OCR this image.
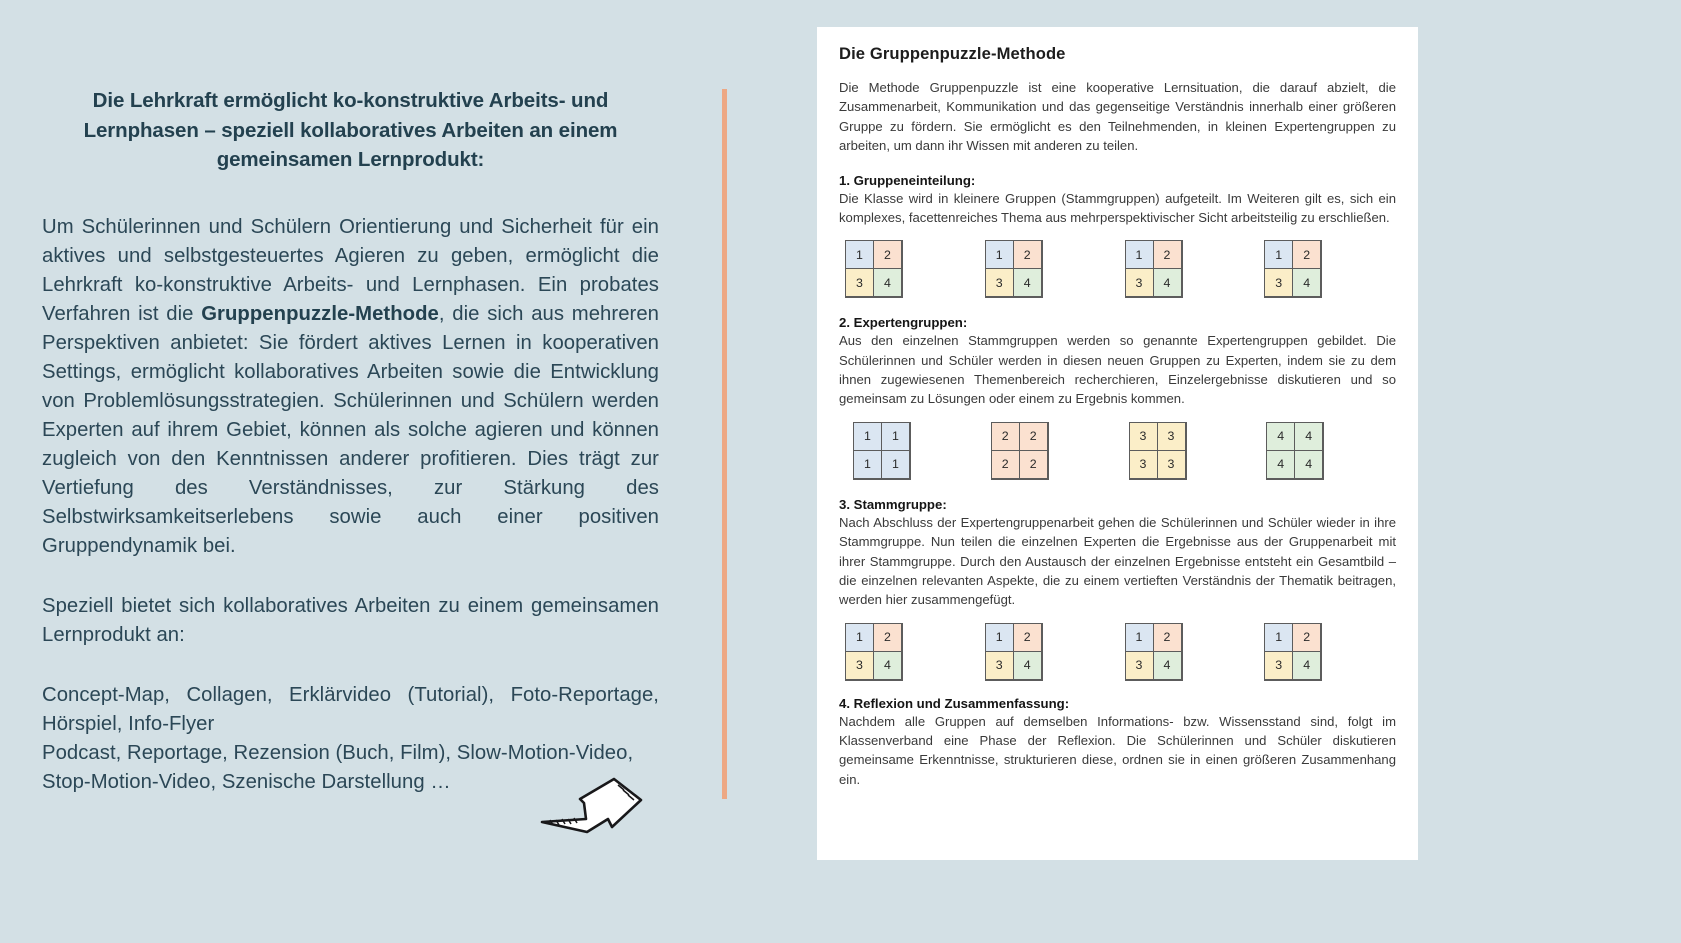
Die Lehrkraft ermöglicht ko-konstruktive Arbeits- und Lernphasen – speziell kollaboratives Arbeiten an einem gemeinsamen Lernprodukt:

Um Schülerinnen und Schülern Orientierung und Sicherheit für ein aktives und selbstgesteuertes Agieren zu geben, ermöglicht die Lehrkraft ko-konstruktive Arbeits- und Lernphasen. Ein probates Verfahren ist die Gruppenpuzzle-Methode, die sich aus mehreren Perspektiven anbietet: Sie fördert aktives Lernen in kooperativen Settings, ermöglicht kollaboratives Arbeiten sowie die Entwicklung von Problemlösungsstrategien. Schülerinnen und Schülern werden Experten auf ihrem Gebiet, können als solche agieren und können zugleich von den Kenntnissen anderer profitieren. Dies trägt zur Vertiefung des Verständnisses, zur Stärkung des Selbstwirksamkeitserlebens sowie auch einer positiven Gruppendynamik bei.

Speziell bietet sich kollaboratives Arbeiten zu einem gemeinsamen Lernprodukt an:

Concept-Map, Collagen, Erklärvideo (Tutorial), Foto-Reportage, Hörspiel, Info-Flyer

Podcast, Reportage, Rezension (Buch, Film), Slow-Motion-Video, Stop-Motion-Video, Szenische Darstellung …

Die Gruppenpuzzle-Methode

Die Methode Gruppenpuzzle ist eine kooperative Lernsituation, die darauf abzielt, die Zusammenarbeit, Kommunikation und das gegenseitige Verständnis innerhalb einer größeren Gruppe zu fördern. Sie ermöglicht es den Teilnehmenden, in kleinen Expertengruppen zu arbeiten, um dann ihr Wissen mit anderen zu teilen.

1. Gruppeneinteilung:

Die Klasse wird in kleinere Gruppen (Stammgruppen) aufgeteilt. Im Weiteren gilt es, sich ein komplexes, facettenreiches Thema aus mehrperspektivischer Sicht arbeitsteilig zu erschließen.

1	2
3	4
1	2
3	4
1	2
3	4
1	2
3	4
2. Expertengruppen:

Aus den einzelnen Stammgruppen werden so genannte Expertengruppen gebildet. Die Schülerinnen und Schüler werden in diesen neuen Gruppen zu Experten, indem sie zu dem ihnen zugewiesenen Themenbereich recherchieren, Einzelergebnisse diskutieren und so gemeinsam zu Lösungen oder einem zu Ergebnis kommen.

1	1
1	1
2	2
2	2
3	3
3	3
4	4
4	4
3. Stammgruppe:

Nach Abschluss der Expertengruppenarbeit gehen die Schülerinnen und Schüler wieder in ihre Stammgruppe. Nun teilen die einzelnen Experten die Ergebnisse aus der Gruppenarbeit mit ihrer Stammgruppe. Durch den Austausch der einzelnen Ergebnisse entsteht ein Gesamtbild – die einzelnen relevanten Aspekte, die zu einem vertieften Verständnis der Thematik beitragen, werden hier zusammengefügt.

1	2
3	4
1	2
3	4
1	2
3	4
1	2
3	4
4. Reflexion und Zusammenfassung:

Nachdem alle Gruppen auf demselben Informations- bzw. Wissensstand sind, folgt im Klassenverband eine Phase der Reflexion. Die Schülerinnen und Schüler diskutieren gemeinsame Erkenntnisse, strukturieren diese, ordnen sie in einen größeren Zusammenhang ein.
